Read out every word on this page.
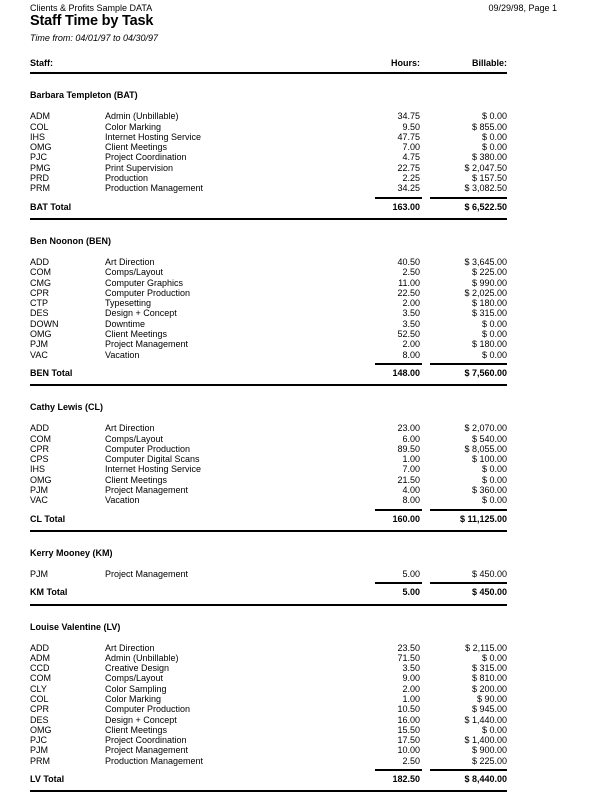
Clients & Profits Sample DATA	09/29/98, Page 1
Staff Time by Task
Time from: 04/01/97 to 04/30/97
Staff:	Hours:	Billable:
Barbara Templeton (BAT)
ADM	Admin (Unbillable)	34.75	$ 0.00
COL	Color Marking	9.50	$ 855.00
IHS	Internet Hosting Service	47.75	$ 0.00
OMG	Client Meetings	7.00	$ 0.00
PJC	Project Coordination	4.75	$ 380.00
PMG	Print Supervision	22.75	$ 2,047.50
PRD	Production	2.25	$ 157.50
PRM	Production Management	34.25	$ 3,082.50
BAT Total	163.00	$ 6,522.50
Ben Noonon (BEN)
ADD	Art Direction	40.50	$ 3,645.00
COM	Comps/Layout	2.50	$ 225.00
CMG	Computer Graphics	11.00	$ 990.00
CPR	Computer Production	22.50	$ 2,025.00
CTP	Typesetting	2.00	$ 180.00
DES	Design + Concept	3.50	$ 315.00
DOWN	Downtime	3.50	$ 0.00
OMG	Client Meetings	52.50	$ 0.00
PJM	Project Management	2.00	$ 180.00
VAC	Vacation	8.00	$ 0.00
BEN Total	148.00	$ 7,560.00
Cathy Lewis (CL)
ADD	Art Direction	23.00	$ 2,070.00
COM	Comps/Layout	6.00	$ 540.00
CPR	Computer Production	89.50	$ 8,055.00
CPS	Computer Digital Scans	1.00	$ 100.00
IHS	Internet Hosting Service	7.00	$ 0.00
OMG	Client Meetings	21.50	$ 0.00
PJM	Project Management	4.00	$ 360.00
VAC	Vacation	8.00	$ 0.00
CL Total	160.00	$ 11,125.00
Kerry Mooney (KM)
PJM	Project Management	5.00	$ 450.00
KM Total	5.00	$ 450.00
Louise Valentine (LV)
ADD	Art Direction	23.50	$ 2,115.00
ADM	Admin (Unbillable)	71.50	$ 0.00
CCD	Creative Design	3.50	$ 315.00
COM	Comps/Layout	9.00	$ 810.00
CLY	Color Sampling	2.00	$ 200.00
COL	Color Marking	1.00	$ 90.00
CPR	Computer Production	10.50	$ 945.00
DES	Design + Concept	16.00	$ 1,440.00
OMG	Client Meetings	15.50	$ 0.00
PJC	Project Coordination	17.50	$ 1,400.00
PJM	Project Management	10.00	$ 900.00
PRM	Production Management	2.50	$ 225.00
LV Total	182.50	$ 8,440.00
